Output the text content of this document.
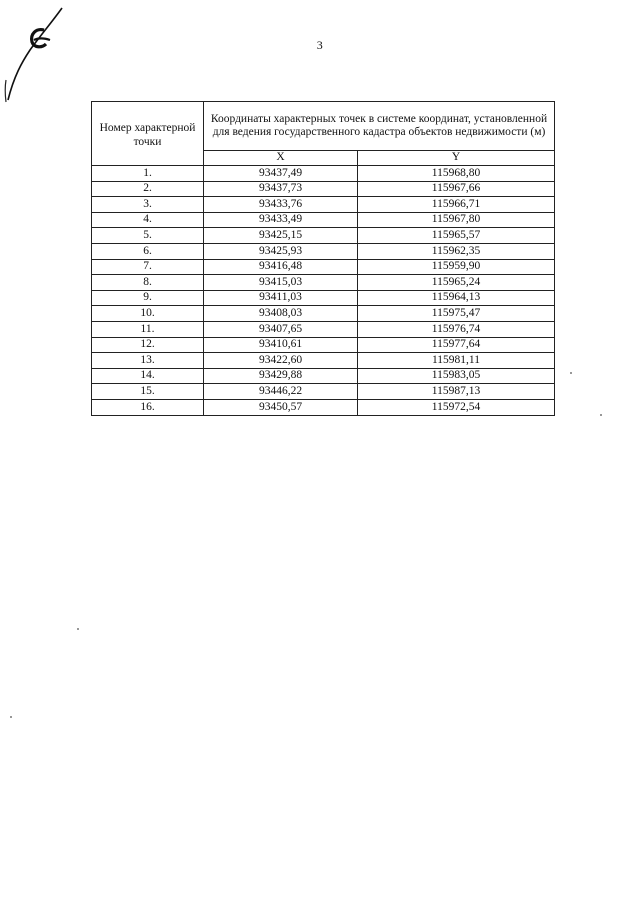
3
Номер характерной точки	Координаты характерных точек в системе координат, установленной для ведения государственного кадастра объектов недвижимости (м)	
	X	Y
1.	93437,49	115968,80
2.	93437,73	115967,66
3.	93433,76	115966,71
4.	93433,49	115967,80
5.	93425,15	115965,57
6.	93425,93	115962,35
7.	93416,48	115959,90
8.	93415,03	115965,24
9.	93411,03	115964,13
10.	93408,03	115975,47
11.	93407,65	115976,74
12.	93410,61	115977,64
13.	93422,60	115981,11
14.	93429,88	115983,05
15.	93446,22	115987,13
16.	93450,57	115972,54
